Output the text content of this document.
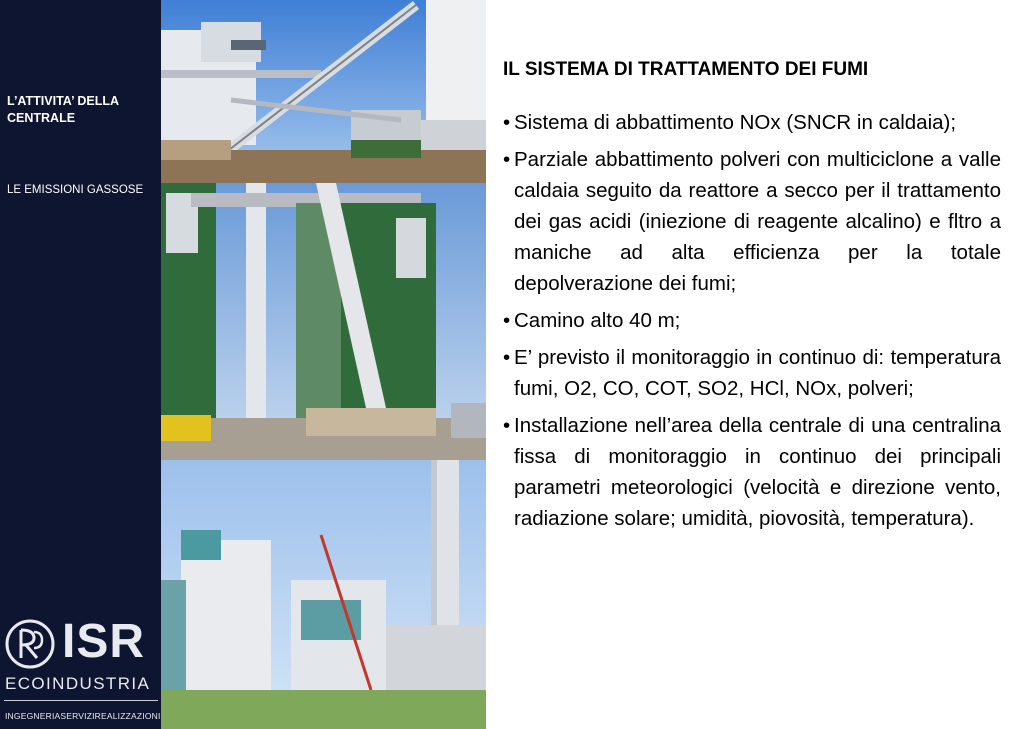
L’ATTIVITA’ DELLA CENTRALE
LE EMISSIONI GASSOSE
ISR
ECOINDUSTRIA
INGEGNERIASERVIZIREALIZZAZIONI
IL SISTEMA DI TRATTAMENTO DEI FUMI
• Sistema di abbattimento NOx (SNCR in caldaia);
• Parziale abbattimento polveri con multiciclone a valle caldaia seguito da reattore a secco per il trattamento dei gas acidi (iniezione di reagente alcalino) e fltro a maniche ad alta efficienza per la totale depolverazione dei fumi;
• Camino alto 40 m;
• E’ previsto il monitoraggio in continuo di: temperatura fumi, O2, CO, COT, SO2, HCl, NOx, polveri;
• Installazione nell’area della centrale di una centralina fissa di monitoraggio in continuo dei principali parametri meteorologici (velocità e direzione vento, radiazione solare; umidità, piovosità, temperatura).
